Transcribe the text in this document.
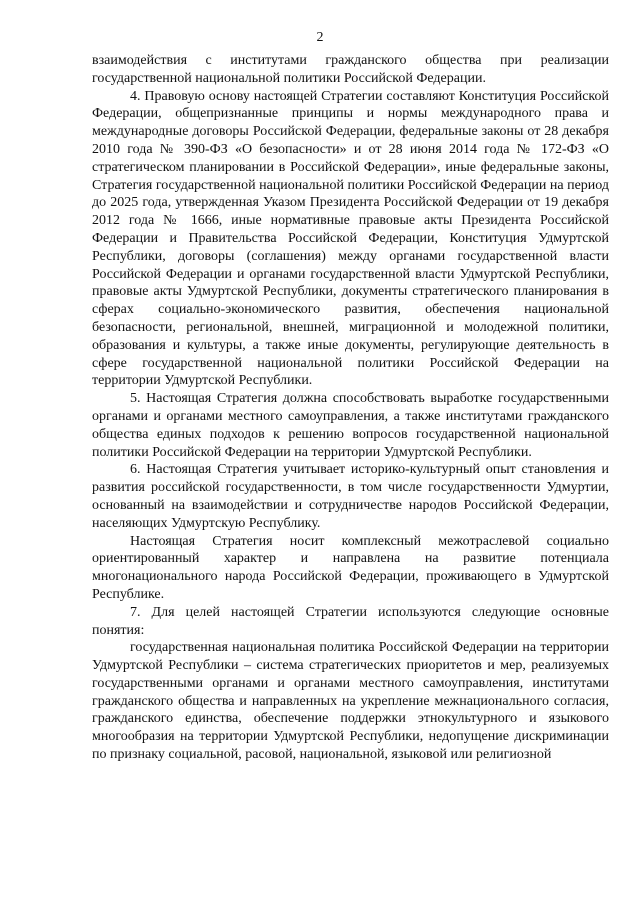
2

взаимодействия с институтами гражданского общества при реализации государственной национальной политики Российской Федерации.

4. Правовую основу настоящей Стратегии составляют Конституция Российской Федерации, общепризнанные принципы и нормы международного права и международные договоры Российской Федерации, федеральные законы от 28 декабря 2010 года № 390-ФЗ «О безопасности» и от 28 июня 2014 года № 172-ФЗ «О стратегическом планировании в Российской Федерации», иные федеральные законы, Стратегия государственной национальной политики Российской Федерации на период до 2025 года, утвержденная Указом Президента Российской Федерации от 19 декабря 2012 года № 1666, иные нормативные правовые акты Президента Российской Федерации и Правительства Российской Федерации, Конституция Удмуртской Республики, договоры (соглашения) между органами государственной власти Российской Федерации и органами государственной власти Удмуртской Республики, правовые акты Удмуртской Республики, документы стратегического планирования в сферах социально-экономического развития, обеспечения национальной безопасности, региональной, внешней, миграционной и молодежной политики, образования и культуры, а также иные документы, регулирующие деятельность в сфере государственной национальной политики Российской Федерации на территории Удмуртской Республики.

5. Настоящая Стратегия должна способствовать выработке государственными органами и органами местного самоуправления, а также институтами гражданского общества единых подходов к решению вопросов государственной национальной политики Российской Федерации на территории Удмуртской Республики.

6. Настоящая Стратегия учитывает историко-культурный опыт становления и развития российской государственности, в том числе государственности Удмуртии, основанный на взаимодействии и сотрудничестве народов Российской Федерации, населяющих Удмуртскую Республику.

Настоящая Стратегия носит комплексный межотраслевой социально ориентированный характер и направлена на развитие потенциала многонационального народа Российской Федерации, проживающего в Удмуртской Республике.

7. Для целей настоящей Стратегии используются следующие основные понятия:

государственная национальная политика Российской Федерации на территории Удмуртской Республики – система стратегических приоритетов и мер, реализуемых государственными органами и органами местного самоуправления, институтами гражданского общества и направленных на укрепление межнационального согласия, гражданского единства, обеспечение поддержки этнокультурного и языкового многообразия на территории Удмуртской Республики, недопущение дискриминации по признаку социальной, расовой, национальной, языковой или религиозной
